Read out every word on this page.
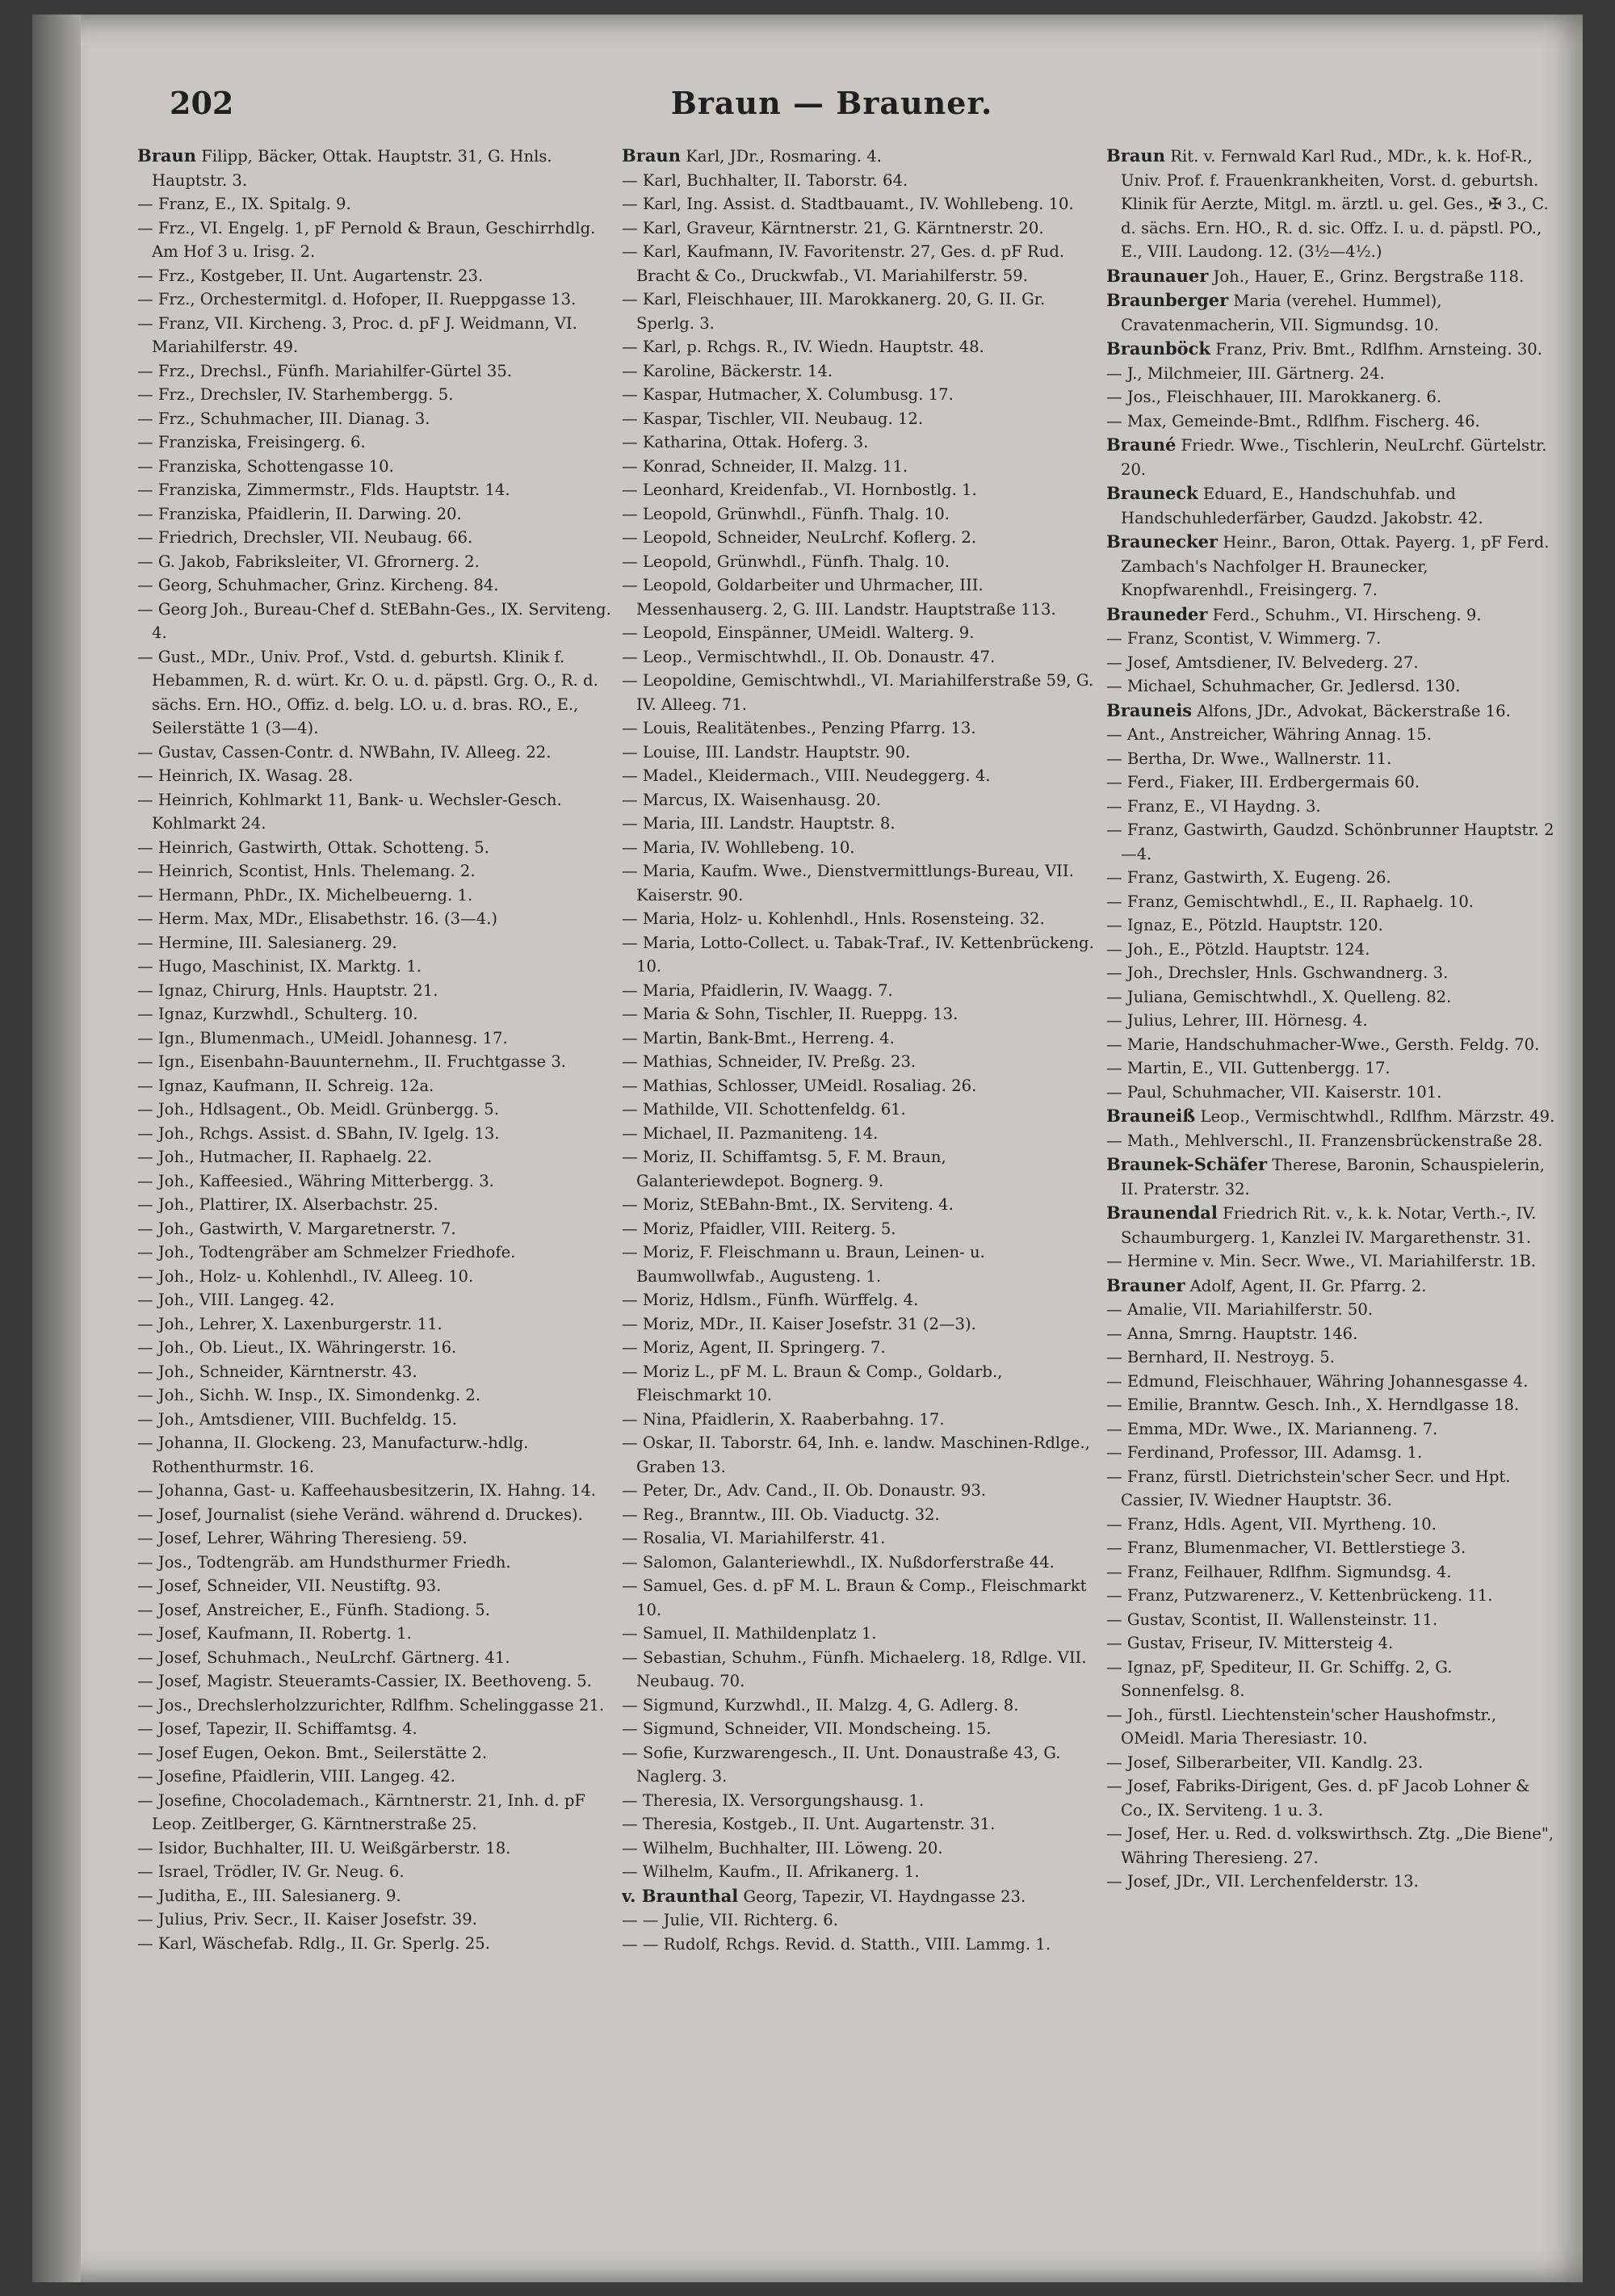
202	Braun — Brauner.

Braun Filipp, Bäcker, Ottak. Hauptstr. 31, G. Hnls. Hauptstr. 3.

— Franz, E., IX. Spitalg. 9.

— Frz., VI. Engelg. 1, pF Pernold & Braun, Geschirrhdlg. Am Hof 3 u. Irisg. 2.

— Frz., Kostgeber, II. Unt. Augartenstr. 23.

— Frz., Orchestermitgl. d. Hofoper, II. Rueppgasse 13.

— Franz, VII. Kircheng. 3, Proc. d. pF J. Weidmann, VI. Mariahilferstr. 49.

— Frz., Drechsl., Fünfh. Mariahilfer-Gürtel 35.

— Frz., Drechsler, IV. Starhembergg. 5.

— Frz., Schuhmacher, III. Dianag. 3.

— Franziska, Freisingerg. 6.

— Franziska, Schottengasse 10.

— Franziska, Zimmermstr., Flds. Hauptstr. 14.

— Franziska, Pfaidlerin, II. Darwing. 20.

— Friedrich, Drechsler, VII. Neubaug. 66.

— G. Jakob, Fabriksleiter, VI. Gfrornerg. 2.

— Georg, Schuhmacher, Grinz. Kircheng. 84.

— Georg Joh., Bureau-Chef d. StEBahn-Ges., IX. Serviteng. 4.

— Gust., MDr., Univ. Prof., Vstd. d. geburtsh. Klinik f. Hebammen, R. d. würt. Kr. O. u. d. päpstl. Grg. O., R. d. sächs. Ern. HO., Offiz. d. belg. LO. u. d. bras. RO., E., Seilerstätte 1 (3—4).

— Gustav, Cassen-Contr. d. NWBahn, IV. Alleeg. 22.

— Heinrich, IX. Wasag. 28.

— Heinrich, Kohlmarkt 11, Bank- u. Wechsler-Gesch. Kohlmarkt 24.

— Heinrich, Gastwirth, Ottak. Schotteng. 5.

— Heinrich, Scontist, Hnls. Thelemang. 2.

— Hermann, PhDr., IX. Michelbeuerng. 1.

— Herm. Max, MDr., Elisabethstr. 16. (3—4.)

— Hermine, III. Salesianerg. 29.

— Hugo, Maschinist, IX. Marktg. 1.

— Ignaz, Chirurg, Hnls. Hauptstr. 21.

— Ignaz, Kurzwhdl., Schulterg. 10.

— Ign., Blumenmach., UMeidl. Johannesg. 17.

— Ign., Eisenbahn-Bauunternehm., II. Fruchtgasse 3.

— Ignaz, Kaufmann, II. Schreig. 12a.

— Joh., Hdlsagent., Ob. Meidl. Grünbergg. 5.

— Joh., Rchgs. Assist. d. SBahn, IV. Igelg. 13.

— Joh., Hutmacher, II. Raphaelg. 22.

— Joh., Kaffeesied., Währing Mitterbergg. 3.

— Joh., Plattirer, IX. Alserbachstr. 25.

— Joh., Gastwirth, V. Margaretnerstr. 7.

— Joh., Todtengräber am Schmelzer Friedhofe.

— Joh., Holz- u. Kohlenhdl., IV. Alleeg. 10.

— Joh., VIII. Langeg. 42.

— Joh., Lehrer, X. Laxenburgerstr. 11.

— Joh., Ob. Lieut., IX. Währingerstr. 16.

— Joh., Schneider, Kärntnerstr. 43.

— Joh., Sichh. W. Insp., IX. Simondenkg. 2.

— Joh., Amtsdiener, VIII. Buchfeldg. 15.

— Johanna, II. Glockeng. 23, Manufacturw.-hdlg. Rothenthurmstr. 16.

— Johanna, Gast- u. Kaffeehausbesitzerin, IX. Hahng. 14.

— Josef, Journalist (siehe Veränd. während d. Druckes).

— Josef, Lehrer, Währing Theresieng. 59.

— Jos., Todtengräb. am Hundsthurmer Friedh.

— Josef, Schneider, VII. Neustiftg. 93.

— Josef, Anstreicher, E., Fünfh. Stadiong. 5.

— Josef, Kaufmann, II. Robertg. 1.

— Josef, Schuhmach., NeuLrchf. Gärtnerg. 41.

— Josef, Magistr. Steueramts-Cassier, IX. Beethoveng. 5.

— Jos., Drechslerholzzurichter, Rdlfhm. Schelinggasse 21.

— Josef, Tapezir, II. Schiffamtsg. 4.

— Josef Eugen, Oekon. Bmt., Seilerstätte 2.

— Josefine, Pfaidlerin, VIII. Langeg. 42.

— Josefine, Chocolademach., Kärntnerstr. 21, Inh. d. pF Leop. Zeitlberger, G. Kärntnerstraße 25.

— Isidor, Buchhalter, III. U. Weißgärberstr. 18.

— Israel, Trödler, IV. Gr. Neug. 6.

— Juditha, E., III. Salesianerg. 9.

— Julius, Priv. Secr., II. Kaiser Josefstr. 39.

— Karl, Wäschefab. Rdlg., II. Gr. Sperlg. 25.

Braun Karl, JDr., Rosmaring. 4.

— Karl, Buchhalter, II. Taborstr. 64.

— Karl, Ing. Assist. d. Stadtbauamt., IV. Wohllebeng. 10.

— Karl, Graveur, Kärntnerstr. 21, G. Kärntnerstr. 20.

— Karl, Kaufmann, IV. Favoritenstr. 27, Ges. d. pF Rud. Bracht & Co., Druckwfab., VI. Mariahilferstr. 59.

— Karl, Fleischhauer, III. Marokkanerg. 20, G. II. Gr. Sperlg. 3.

— Karl, p. Rchgs. R., IV. Wiedn. Hauptstr. 48.

— Karoline, Bäckerstr. 14.

— Kaspar, Hutmacher, X. Columbusg. 17.

— Kaspar, Tischler, VII. Neubaug. 12.

— Katharina, Ottak. Hoferg. 3.

— Konrad, Schneider, II. Malzg. 11.

— Leonhard, Kreidenfab., VI. Hornbostlg. 1.

— Leopold, Grünwhdl., Fünfh. Thalg. 10.

— Leopold, Schneider, NeuLrchf. Koflerg. 2.

— Leopold, Grünwhdl., Fünfh. Thalg. 10.

— Leopold, Goldarbeiter und Uhrmacher, III. Messenhauserg. 2, G. III. Landstr. Hauptstraße 113.

— Leopold, Einspänner, UMeidl. Walterg. 9.

— Leop., Vermischtwhdl., II. Ob. Donaustr. 47.

— Leopoldine, Gemischtwhdl., VI. Mariahilferstraße 59, G. IV. Alleeg. 71.

— Louis, Realitätenbes., Penzing Pfarrg. 13.

— Louise, III. Landstr. Hauptstr. 90.

— Madel., Kleidermach., VIII. Neudeggerg. 4.

— Marcus, IX. Waisenhausg. 20.

— Maria, III. Landstr. Hauptstr. 8.

— Maria, IV. Wohllebeng. 10.

— Maria, Kaufm. Wwe., Dienstvermittlungs-Bureau, VII. Kaiserstr. 90.

— Maria, Holz- u. Kohlenhdl., Hnls. Rosensteing. 32.

— Maria, Lotto-Collect. u. Tabak-Traf., IV. Kettenbrückeng. 10.

— Maria, Pfaidlerin, IV. Waagg. 7.

— Maria & Sohn, Tischler, II. Rueppg. 13.

— Martin, Bank-Bmt., Herreng. 4.

— Mathias, Schneider, IV. Preßg. 23.

— Mathias, Schlosser, UMeidl. Rosaliag. 26.

— Mathilde, VII. Schottenfeldg. 61.

— Michael, II. Pazmaniteng. 14.

— Moriz, II. Schiffamtsg. 5, F. M. Braun, Galanteriewdepot. Bognerg. 9.

— Moriz, StEBahn-Bmt., IX. Serviteng. 4.

— Moriz, Pfaidler, VIII. Reiterg. 5.

— Moriz, F. Fleischmann u. Braun, Leinen- u. Baumwollwfab., Augusteng. 1.

— Moriz, Hdlsm., Fünfh. Würffelg. 4.

— Moriz, MDr., II. Kaiser Josefstr. 31 (2—3).

— Moriz, Agent, II. Springerg. 7.

— Moriz L., pF M. L. Braun & Comp., Goldarb., Fleischmarkt 10.

— Nina, Pfaidlerin, X. Raaberbahng. 17.

— Oskar, II. Taborstr. 64, Inh. e. landw. Maschinen-Rdlge., Graben 13.

— Peter, Dr., Adv. Cand., II. Ob. Donaustr. 93.

— Reg., Branntw., III. Ob. Viaductg. 32.

— Rosalia, VI. Mariahilferstr. 41.

— Salomon, Galanteriewhdl., IX. Nußdorferstraße 44.

— Samuel, Ges. d. pF M. L. Braun & Comp., Fleischmarkt 10.

— Samuel, II. Mathildenplatz 1.

— Sebastian, Schuhm., Fünfh. Michaelerg. 18, Rdlge. VII. Neubaug. 70.

— Sigmund, Kurzwhdl., II. Malzg. 4, G. Adlerg. 8.

— Sigmund, Schneider, VII. Mondscheing. 15.

— Sofie, Kurzwarengesch., II. Unt. Donaustraße 43, G. Naglerg. 3.

— Theresia, IX. Versorgungshausg. 1.

— Theresia, Kostgeb., II. Unt. Augartenstr. 31.

— Wilhelm, Buchhalter, III. Löweng. 20.

— Wilhelm, Kaufm., II. Afrikanerg. 1.

v. Braunthal Georg, Tapezir, VI. Haydngasse 23.

— — Julie, VII. Richterg. 6.

— — Rudolf, Rchgs. Revid. d. Statth., VIII. Lammg. 1.

Braun Rit. v. Fernwald Karl Rud., MDr., k. k. Hof-R., Univ. Prof. f. Frauenkrankheiten, Vorst. d. geburtsh. Klinik für Aerzte, Mitgl. m. ärztl. u. gel. Ges., ✠ 3., C. d. sächs. Ern. HO., R. d. sic. Offz. I. u. d. päpstl. PO., E., VIII. Laudong. 12. (3½—4½.)

Braunauer Joh., Hauer, E., Grinz. Bergstraße 118.

Braunberger Maria (verehel. Hummel), Cravatenmacherin, VII. Sigmundsg. 10.

Braunböck Franz, Priv. Bmt., Rdlfhm. Arnsteing. 30.

— J., Milchmeier, III. Gärtnerg. 24.

— Jos., Fleischhauer, III. Marokkanerg. 6.

— Max, Gemeinde-Bmt., Rdlfhm. Fischerg. 46.

Brauné Friedr. Wwe., Tischlerin, NeuLrchf. Gürtelstr. 20.

Brauneck Eduard, E., Handschuhfab. und Handschuhlederfärber, Gaudzd. Jakobstr. 42.

Braunecker Heinr., Baron, Ottak. Payerg. 1, pF Ferd. Zambach's Nachfolger H. Braunecker, Knopfwarenhdl., Freisingerg. 7.

Brauneder Ferd., Schuhm., VI. Hirscheng. 9.

— Franz, Scontist, V. Wimmerg. 7.

— Josef, Amtsdiener, IV. Belvederg. 27.

— Michael, Schuhmacher, Gr. Jedlersd. 130.

Brauneis Alfons, JDr., Advokat, Bäckerstraße 16.

— Ant., Anstreicher, Währing Annag. 15.

— Bertha, Dr. Wwe., Wallnerstr. 11.

— Ferd., Fiaker, III. Erdbergermais 60.

— Franz, E., VI Haydng. 3.

— Franz, Gastwirth, Gaudzd. Schönbrunner Hauptstr. 2—4.

— Franz, Gastwirth, X. Eugeng. 26.

— Franz, Gemischtwhdl., E., II. Raphaelg. 10.

— Ignaz, E., Pötzld. Hauptstr. 120.

— Joh., E., Pötzld. Hauptstr. 124.

— Joh., Drechsler, Hnls. Gschwandnerg. 3.

— Juliana, Gemischtwhdl., X. Quelleng. 82.

— Julius, Lehrer, III. Hörnesg. 4.

— Marie, Handschuhmacher-Wwe., Gersth. Feldg. 70.

— Martin, E., VII. Guttenbergg. 17.

— Paul, Schuhmacher, VII. Kaiserstr. 101.

Brauneiß Leop., Vermischtwhdl., Rdlfhm. Märzstr. 49.

— Math., Mehlverschl., II. Franzensbrückenstraße 28.

Braunek-Schäfer Therese, Baronin, Schauspielerin, II. Praterstr. 32.

Braunendal Friedrich Rit. v., k. k. Notar, Verth.-, IV. Schaumburgerg. 1, Kanzlei IV. Margarethenstr. 31.

— Hermine v. Min. Secr. Wwe., VI. Mariahilferstr. 1B.

Brauner Adolf, Agent, II. Gr. Pfarrg. 2.

— Amalie, VII. Mariahilferstr. 50.

— Anna, Smrng. Hauptstr. 146.

— Bernhard, II. Nestroyg. 5.

— Edmund, Fleischhauer, Währing Johannesgasse 4.

— Emilie, Branntw. Gesch. Inh., X. Herndlgasse 18.

— Emma, MDr. Wwe., IX. Marianneng. 7.

— Ferdinand, Professor, III. Adamsg. 1.

— Franz, fürstl. Dietrichstein'scher Secr. und Hpt. Cassier, IV. Wiedner Hauptstr. 36.

— Franz, Hdls. Agent, VII. Myrtheng. 10.

— Franz, Blumenmacher, VI. Bettlerstiege 3.

— Franz, Feilhauer, Rdlfhm. Sigmundsg. 4.

— Franz, Putzwarenerz., V. Kettenbrückeng. 11.

— Gustav, Scontist, II. Wallensteinstr. 11.

— Gustav, Friseur, IV. Mittersteig 4.

— Ignaz, pF, Spediteur, II. Gr. Schiffg. 2, G. Sonnenfelsg. 8.

— Joh., fürstl. Liechtenstein'scher Haushofmstr., OMeidl. Maria Theresiastr. 10.

— Josef, Silberarbeiter, VII. Kandlg. 23.

— Josef, Fabriks-Dirigent, Ges. d. pF Jacob Lohner & Co., IX. Serviteng. 1 u. 3.

— Josef, Her. u. Red. d. volkswirthsch. Ztg. „Die Biene", Währing Theresieng. 27.

— Josef, JDr., VII. Lerchenfelderstr. 13.
